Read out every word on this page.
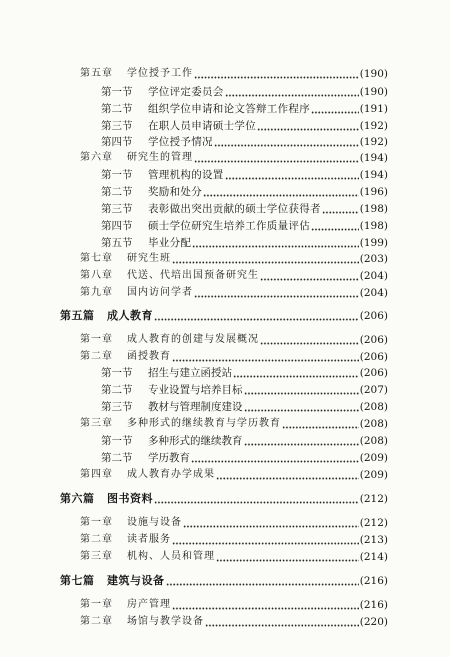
第五章	学位授予工作	(190)
第一节	学位评定委员会	(190)
第二节	组织学位申请和论文答辩工作程序	(191)
第三节	在职人员申请硕士学位	(192)
第四节	学位授予情况	(192)
第六章	研究生的管理	(194)
第一节	管理机构的设置	(194)
第二节	奖励和处分	(196)
第三节	表彰做出突出贡献的硕士学位获得者	(198)
第四节	硕士学位研究生培养工作质量评估	(198)
第五节	毕业分配	(199)
第七章	研究生班	(203)
第八章	代送、代培出国预备研究生	(204)
第九章	国内访问学者	(204)
第五篇	成人教育	(206)
第一章	成人教育的创建与发展概况	(206)
第二章	函授教育	(206)
第一节	招生与建立函授站	(206)
第二节	专业设置与培养目标	(207)
第三节	教材与管理制度建设	(208)
第三章	多种形式的继续教育与学历教育	(208)
第一节	多种形式的继续教育	(208)
第二节	学历教育	(209)
第四章	成人教育办学成果	(209)
第六篇	图书资料	(212)
第一章	设施与设备	(212)
第二章	读者服务	(213)
第三章	机构、人员和管理	(214)
第七篇	建筑与设备	(216)
第一章	房产管理	(216)
第二章	场馆与教学设备	(220)
